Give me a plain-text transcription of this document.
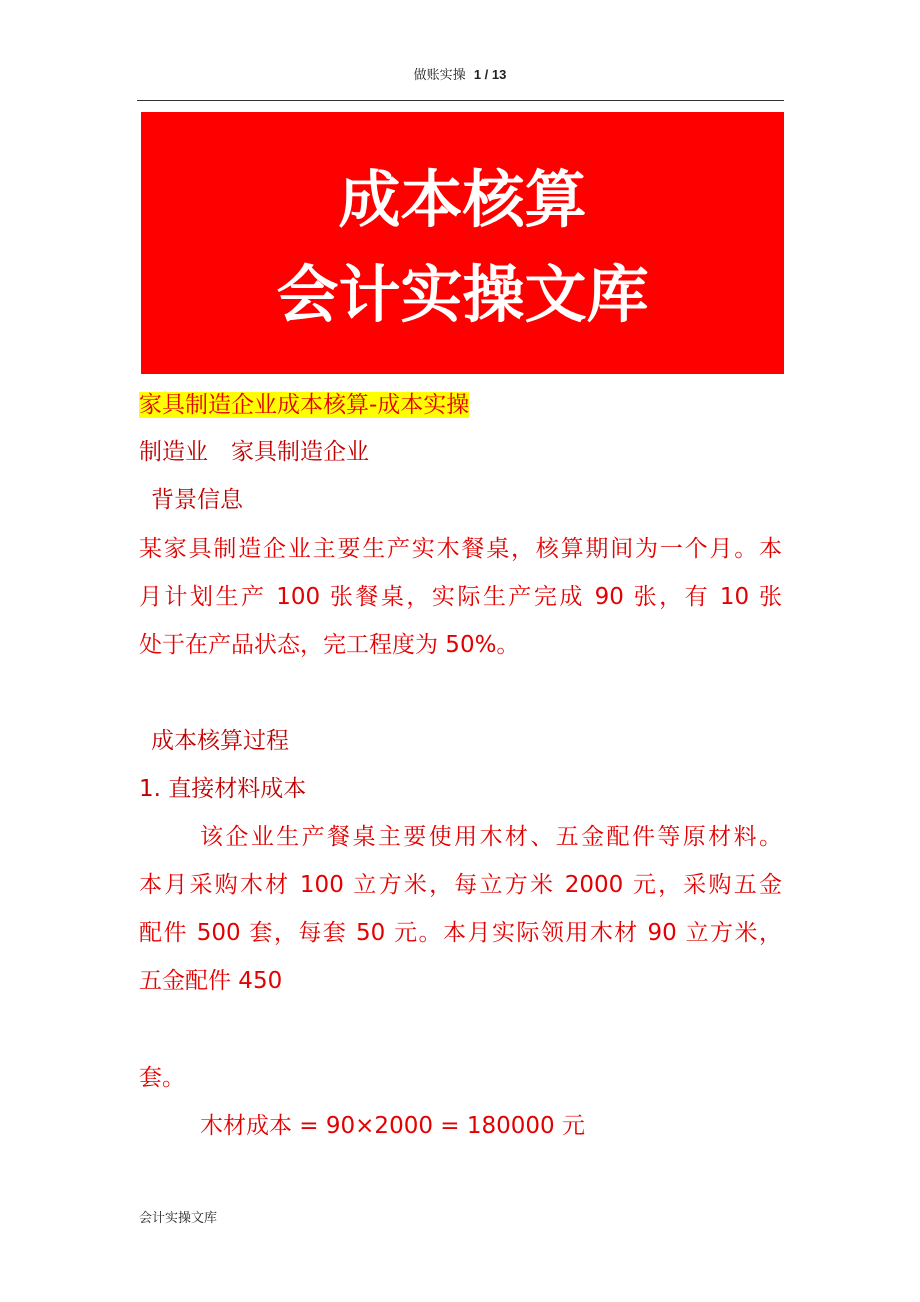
做账实操 1 / 13
成本核算
会计实操文库
家具制造企业成本核算-成本实操
制造业　家具制造企业
背景信息
某家具制造企业主要生产实木餐桌，核算期间为一个月。本
月计划生产 100 张餐桌，实际生产完成 90 张，有 10 张
处于在产品状态，完工程度为 50%。
成本核算过程
1. 直接材料成本
该企业生产餐桌主要使用木材、五金配件等原材料。
本月采购木材 100 立方米，每立方米 2000 元，采购五金
配件 500 套，每套 50 元。本月实际领用木材 90 立方米，
五金配件 450
套。
木材成本 = 90×2000 = 180000 元
会计实操文库
